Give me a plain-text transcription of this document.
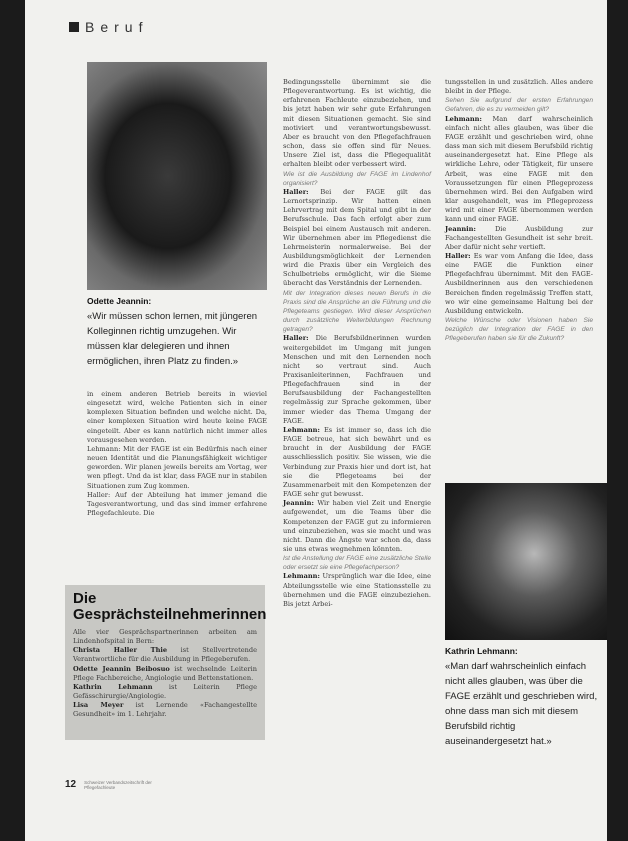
Beruf
Odette Jeannin:
«Wir müssen schon lernen, mit jüngeren Kolleginnen richtig umzugehen. Wir müssen klar delegieren und ihnen ermöglichen, ihren Platz zu finden.»

in einem anderen Betrieb bereits in wieviel eingesetzt wird, welche Patienten sich in einer komplexen Situation befinden und welche nicht. Da, einer komplexen Situation wird heute keine FAGE eingeteilt. Aber es kann natürlich nicht immer alles vorausgesehen werden.

Lehmann: Mit der FAGE ist ein Bedürfnis nach einer neuen Identität und die Planungsfähigkeit wichtiger geworden. Wir planen jeweils bereits am Vortag, wer wen pflegt. Und da ist klar, dass FAGE nur in stabilen Situationen zum Zug kommen.

Haller: Auf der Abteilung hat immer jemand die Tagesverantwortung, und das sind immer erfahrene Pflegefachleute. Die

Die Gesprächsteilnehmerinnen

Alle vier Gesprächspartnerinnen arbeiten am Lindenhofspital in Bern:

Christa Haller Thie ist Stellvertretende Verantwortliche für die Ausbildung in Pflegeberufen.

Odette Jeannin Beibosuo ist wechselnde Leiterin Pflege Fachbereiche, Angiologie und Bettenstationen.

Kathrin Lehmann ist Leiterin Pflege Gefässchirurgie/Angiologie.

Lisa Meyer ist Lernende «Fachangestellte Gesundheit» im 1. Lehrjahr.

Bedingungsstelle übernimmt sie die Pflegeverantwortung. Es ist wichtig, die erfahrenen Fachleute einzubeziehen, und bis jetzt haben wir sehr gute Erfahrungen mit diesen Situationen gemacht. Sie sind motiviert und verantwortungsbewusst. Aber es braucht von den Pflegefachfrauen schon, dass sie offen sind für Neues. Unsere Ziel ist, dass die Pflegequalität erhalten bleibt oder verbessert wird.

Wie ist die Ausbildung der FAGE im Lindenhof organisiert?

Haller: Bei der FAGE gilt das Lernortsprinzip. Wir hatten einen Lehrvertrag mit dem Spital und gibt in der Berufsschule. Das fach erfolgt aber zum Beispiel bei einem Austausch mit anderen. Wir übernehmen aber im Pflegedienst die Lehrmeisterin normalerweise. Bei der Ausbildungsmöglichkeit der Lernenden wird die Praxis über ein Vergleich des Schulbetriebs ermöglicht, wir die Sieme überacht das Verständnis der Lernenden.

Mit der Integration dieses neuen Berufs in die Praxis sind die Ansprüche an die Führung und die Pflegeteams gestiegen. Wird dieser Ansprüchen durch zusätzliche Weiterbildungen Rechnung getragen?

Haller: Die Berufsbildnerinnen wurden weitergebildet im Umgang mit jungen Menschen und mit den Lernenden noch nicht so vertraut sind. Auch Praxisanleiterinnen, Fachfrauen und Pflegefachfrauen sind in der Berufsausbildung der Fachangestellten regelmässig zur Sprache gekommen, über immer wieder das Thema Umgang der FAGE.

Lehmann: Es ist immer so, dass ich die FAGE betreue, hat sich bewährt und es braucht in der Ausbildung der FAGE ausschliesslich positiv. Sie wissen, wie die Verbindung zur Praxis hier und dort ist, hat sie die Pflegeteams bei der Zusammenarbeit mit den Kompetenzen der FAGE sehr gut bewusst.

Jeannin: Wir haben viel Zeit und Energie aufgewendet, um die Teams über die Kompetenzen der FAGE gut zu informieren und einzubeziehen, was sie macht und was nicht. Dann die Ängste war schon da, dass sie uns etwas wegnehmen könnten.

Ist die Anstellung der FAGE eine zusätzliche Stelle oder ersetzt sie eine Pflegefachperson?

Lehmann: Ursprünglich war die Idee, eine Abteilungsstelle wie eine Stationsstelle zu übernehmen und die FAGE einzubeziehen. Bis jetzt Arbei-

tungsstellen in und zusätzlich. Alles andere bleibt in der Pflege.

Sehen Sie aufgrund der ersten Erfahrungen Gefahren, die es zu vermeiden gilt?

Lehmann: Man darf wahrscheinlich einfach nicht alles glauben, was über die FAGE erzählt und geschrieben wird, ohne dass man sich mit diesem Berufsbild richtig auseinandergesetzt hat. Eine Pflege als wirkliche Lehre, oder Tätigkeit, für unsere Arbeit, was eine FAGE mit den Voraussetzungen für einen Pflegeprozess übernehmen wird. Bei den Aufgaben wird klar ausgehandelt, was im Pflegeprozess wird mit einer FAGE übernommen werden kann und einer FAGE.

Jeannin:	Die Ausbildung zur Fachangestellten Gesundheit ist sehr breit. Aber dafür nicht sehr vertieft.

Haller: Es war vom Anfang die Idee, dass eine FAGE die Funktion einer Pflegefachfrau übernimmt. Mit den FAGE-Ausbildnerinnen aus den verschiedenen Bereichen finden regelmässig Treffen statt, wo wir eine gemeinsame Haltung bei der Ausbildung entwickeln.

Welche Wünsche oder Visionen haben Sie bezüglich der Integration der FAGE in den Pflegeberufen haben sie für die Zukunft?

Kathrin Lehmann:
«Man darf wahrscheinlich einfach nicht alles glauben, was über die FAGE erzählt und geschrieben wird, ohne dass man sich mit diesem Berufsbild richtig auseinandergesetzt hat.»
12 Schweizer Verbandszeitschrift der Pflegefachleute
